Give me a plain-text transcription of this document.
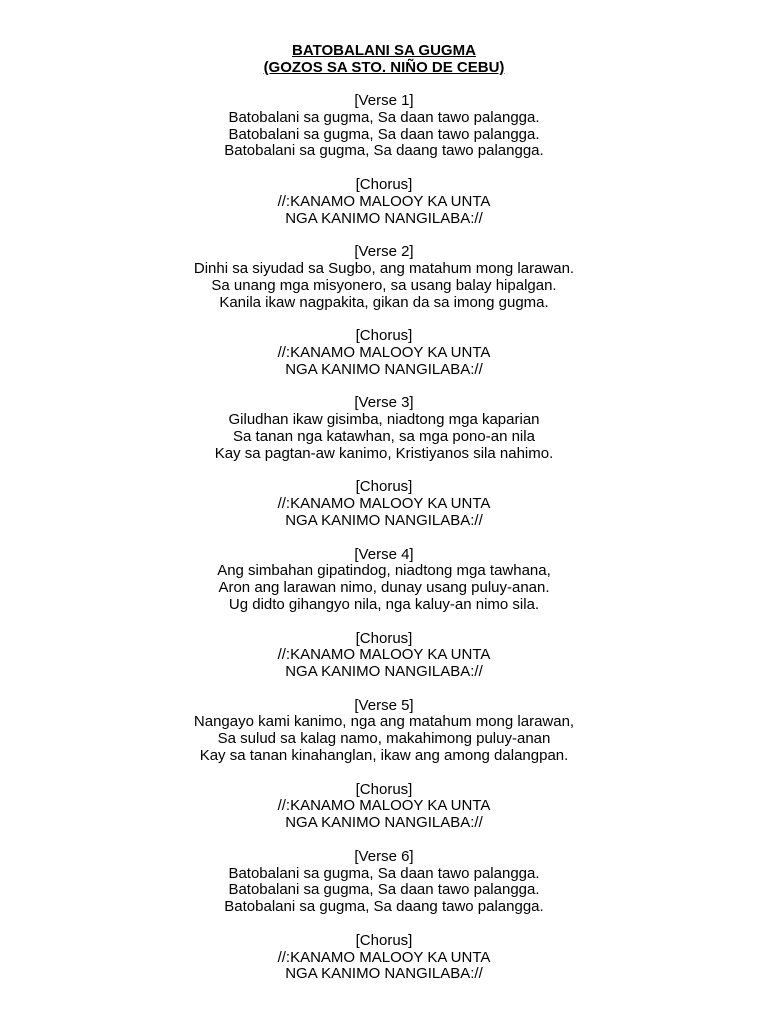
BATOBALANI SA GUGMA

(GOZOS SA STO. NIÑO DE CEBU)

[Verse 1]

Batobalani sa gugma, Sa daan tawo palangga.

Batobalani sa gugma, Sa daan tawo palangga.

Batobalani sa gugma, Sa daang tawo palangga.

[Chorus]

//:KANAMO MALOOY KA UNTA

NGA KANIMO NANGILABA://

[Verse 2]

Dinhi sa siyudad sa Sugbo, ang matahum mong larawan.

Sa unang mga misyonero, sa usang balay hipalgan.

Kanila ikaw nagpakita, gikan da sa imong gugma.

[Chorus]

//:KANAMO MALOOY KA UNTA

NGA KANIMO NANGILABA://

[Verse 3]

Giludhan ikaw gisimba, niadtong mga kaparian

Sa tanan nga katawhan, sa mga pono-an nila

Kay sa pagtan-aw kanimo, Kristiyanos sila nahimo.

[Chorus]

//:KANAMO MALOOY KA UNTA

NGA KANIMO NANGILABA://

[Verse 4]

Ang simbahan gipatindog, niadtong mga tawhana,

Aron ang larawan nimo, dunay usang puluy-anan.

Ug didto gihangyo nila, nga kaluy-an nimo sila.

[Chorus]

//:KANAMO MALOOY KA UNTA

NGA KANIMO NANGILABA://

[Verse 5]

Nangayo kami kanimo, nga ang matahum mong larawan,

Sa sulud sa kalag namo, makahimong puluy-anan

Kay sa tanan kinahanglan, ikaw ang among dalangpan.

[Chorus]

//:KANAMO MALOOY KA UNTA

NGA KANIMO NANGILABA://

[Verse 6]

Batobalani sa gugma, Sa daan tawo palangga.

Batobalani sa gugma, Sa daan tawo palangga.

Batobalani sa gugma, Sa daang tawo palangga.

[Chorus]

//:KANAMO MALOOY KA UNTA

NGA KANIMO NANGILABA://
